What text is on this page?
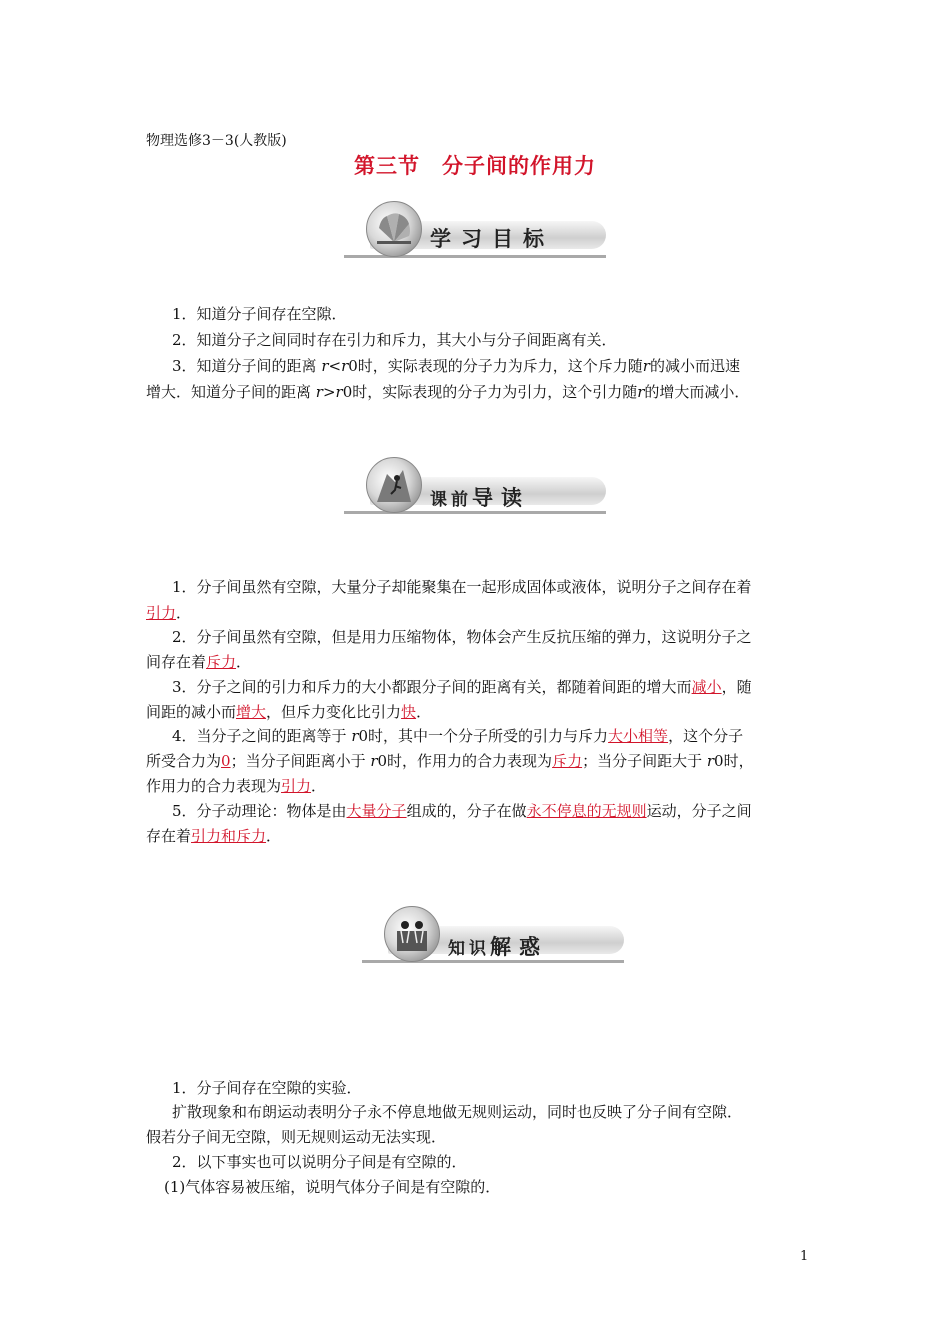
物理选修3－3(人教版)
第三节　分子间的作用力
学习目标

1．知道分子间存在空隙．

2．知道分子之间同时存在引力和斥力，其大小与分子间距离有关．

3．知道分子间的距离 r<r0时，实际表现的分子力为斥力，这个斥力随r的减小而迅速

增大．知道分子间的距离 r>r0时，实际表现的分子力为引力，这个引力随r的增大而减小．

课前导读

1．分子间虽然有空隙，大量分子却能聚集在一起形成固体或液体，说明分子之间存在着

引力．

2．分子间虽然有空隙，但是用力压缩物体，物体会产生反抗压缩的弹力，这说明分子之

间存在着斥力．

3．分子之间的引力和斥力的大小都跟分子间的距离有关，都随着间距的增大而减小，随

间距的减小而增大，但斥力变化比引力快．

4．当分子之间的距离等于 r0时，其中一个分子所受的引力与斥力大小相等，这个分子

所受合力为0；当分子间距离小于 r0时，作用力的合力表现为斥力；当分子间距大于 r0时，

作用力的合力表现为引力．

5．分子动理论：物体是由大量分子组成的，分子在做永不停息的无规则运动，分子之间

存在着引力和斥力．

知识解惑

1．分子间存在空隙的实验．

扩散现象和布朗运动表明分子永不停息地做无规则运动，同时也反映了分子间有空隙．

假若分子间无空隙，则无规则运动无法实现．

2．以下事实也可以说明分子间是有空隙的．

(1)气体容易被压缩，说明气体分子间是有空隙的．

1
